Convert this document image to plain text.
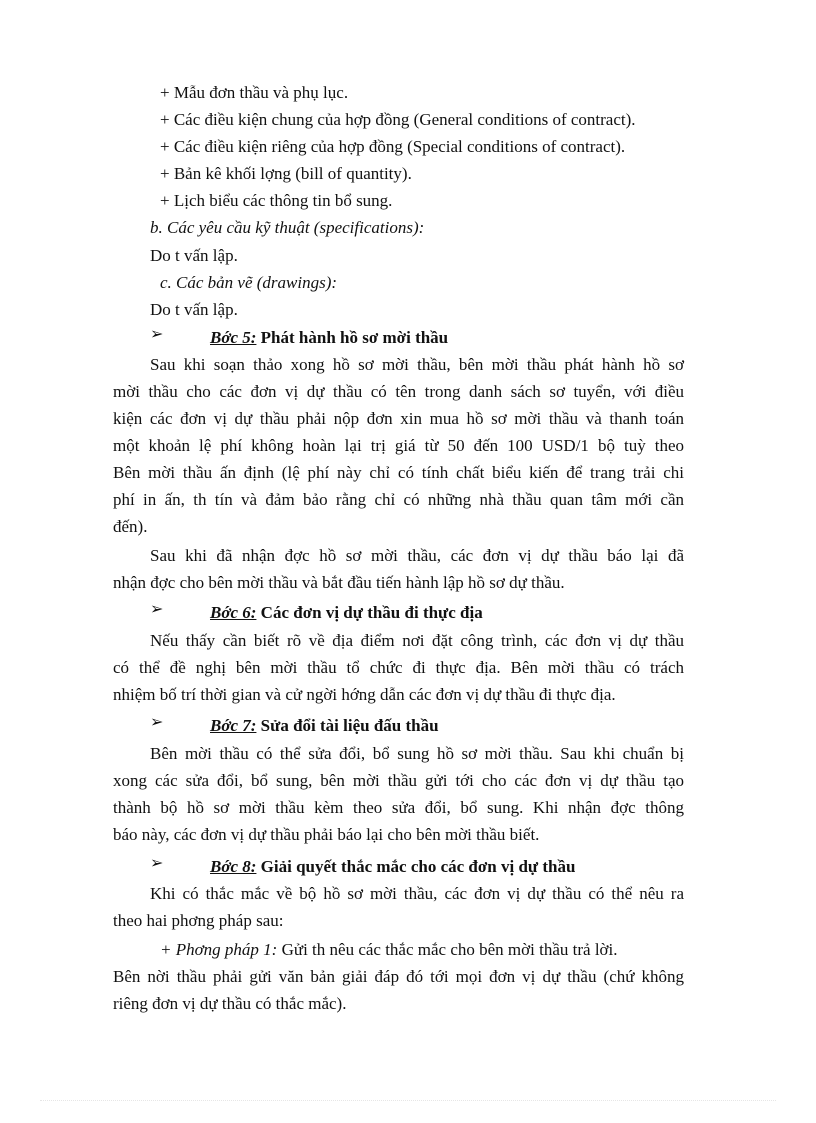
+ Mẫu đơn thầu và phụ lục.
+ Các điều kiện chung của hợp đồng (General conditions of contract).
+ Các điều kiện riêng của hợp đồng (Special conditions of contract).
+ Bản kê khối lợng (bill of quantity).
+ Lịch biểu các thông tin bổ sung.
b. Các yêu cầu kỹ thuật (specifications):
Do t vấn lập.
c. Các bản vẽ (drawings):
Do t vấn lập.
➢	Bớc 5: Phát hành hồ sơ mời thầu
Sau khi soạn thảo xong hồ sơ mời thầu, bên mời thầu phát hành hồ sơ
mời thầu cho các đơn vị dự thầu có tên trong danh sách sơ tuyển, với điều
kiện các đơn vị dự thầu phải nộp đơn xin mua hồ sơ mời thầu và thanh toán
một khoản lệ phí không hoàn lại trị giá từ 50 đến 100 USD/1 bộ tuỳ theo
Bên mời thầu ấn định (lệ phí này chỉ có tính chất biểu kiến để trang trải chi
phí in ấn, th tín và đảm bảo rằng chỉ có những nhà thầu quan tâm mới cần
đến).
Sau khi đã nhận đợc hồ sơ mời thầu, các đơn vị dự thầu báo lại đã
nhận đợc cho bên mời thầu và bắt đầu tiến hành lập hồ sơ dự thầu.
➢	Bớc 6: Các đơn vị dự thầu đi thực địa
Nếu thấy cần biết rõ về địa điểm nơi đặt công trình, các đơn vị dự thầu
có thể đề nghị bên mời thầu tổ chức đi thực địa. Bên mời thầu có trách
nhiệm bố trí thời gian và cử ngời hớng dẫn các đơn vị dự thầu đi thực địa.
➢	Bớc 7: Sửa đổi tài liệu đấu thầu
Bên mời thầu có thể sửa đổi, bổ sung hồ sơ mời thầu. Sau khi chuẩn bị
xong các sửa đổi, bổ sung, bên mời thầu gửi tới cho các đơn vị dự thầu tạo
thành bộ hồ sơ mời thầu kèm theo sửa đổi, bổ sung. Khi nhận đợc thông
báo này, các đơn vị dự thầu phải báo lại cho bên mời thầu biết.
➢	Bớc 8: Giải quyết thắc mắc cho các đơn vị dự thầu
Khi có thắc mắc về bộ hồ sơ mời thầu, các đơn vị dự thầu có thể nêu ra
theo hai phơng pháp sau:
+ Phơng pháp 1: Gửi th nêu các thắc mắc cho bên mời thầu trả lời.
Bên nời thầu phải gửi văn bản giải đáp đó tới mọi đơn vị dự thầu (chứ không
riêng đơn vị dự thầu có thắc mắc).
